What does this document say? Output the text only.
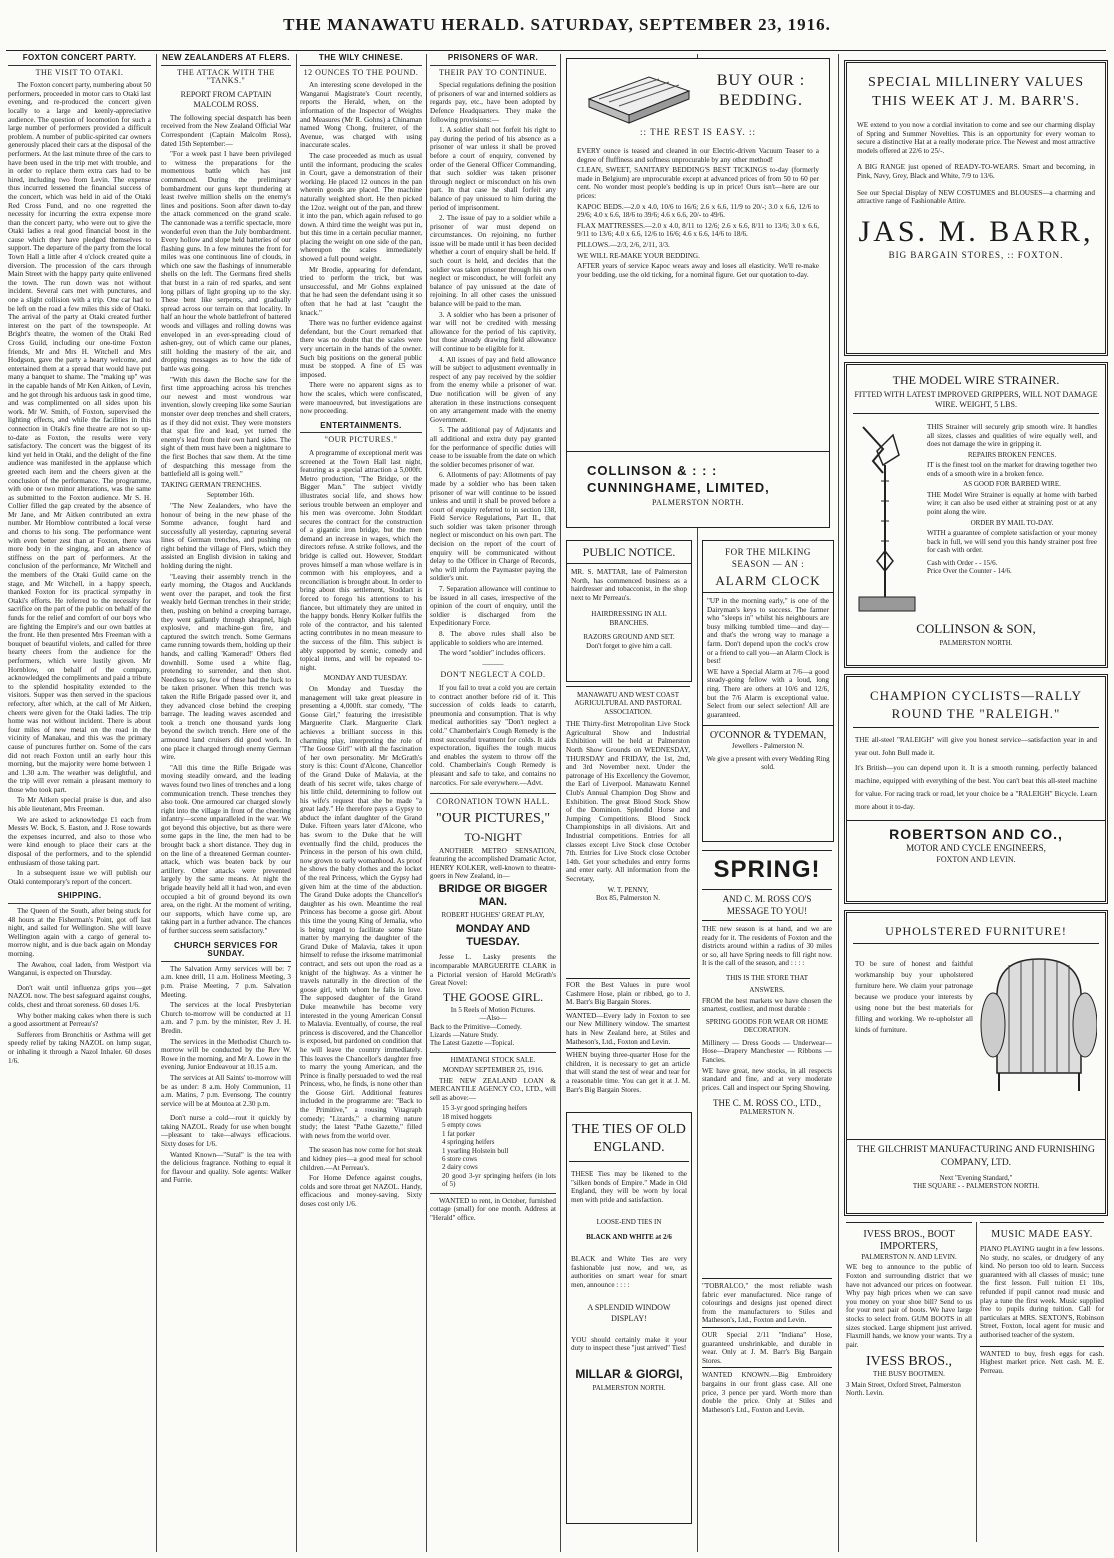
THE MANAWATU HERALD. SATURDAY, SEPTEMBER 23, 1916.
FOXTON CONCERT PARTY.
THE VISIT TO OTAKI.

The Foxton concert party, numbering about 50 performers, proceeded in motor cars to Otaki last evening, and re-produced the concert given locally to a large and keenly-appreciative audience. The question of locomotion for such a large number of performers provided a difficult problem. A number of public-spirited car owners generously placed their cars at the disposal of the performers. At the last minute three of the cars to have been used in the trip met with trouble, and in order to replace them extra cars had to be hired, including two from Levin. The expense thus incurred lessened the financial success of the concert, which was held in aid of the Otaki Red Cross Fund, and no one regretted the necessity for incurring the extra expense more than the concert party, who were out to give the Otaki ladies a real good financial boost in the cause which they have pledged themselves to support. The departure of the party from the local Town Hall a little after 4 o'clock created quite a diversion. The procession of the cars through Main Street with the happy party quite enlivened the town. The run down was not without incident. Several cars met with punctures, and one a slight collision with a trip. One car had to be left on the road a few miles this side of Otaki. The arrival of the party at Otaki created further interest on the part of the townspeople. At Bright's theatre, the women of the Otaki Red Cross Guild, including our one-time Foxton friends, Mr and Mrs H. Witchell and Mrs Hodgson, gave the party a hearty welcome, and entertained them at a spread that would have put many a banquet to shame. The "making up" was in the capable hands of Mr Ken Aitken, of Levin, and he got through his arduous task in good time, and was complimented on all sides upon his work. Mr W. Smith, of Foxton, supervised the lighting effects, and while the facilities in this connection in Otaki's fine theatre are not so up-to-date as Foxton, the results were very satisfactory. The concert was the biggest of its kind yet held in Otaki, and the delight of the fine audience was manifested in the applause which greeted each item and the cheers given at the conclusion of the performance. The programme, with one or two minor alterations, was the same as submitted to the Foxton audience. Mr S. H. Collier filled the gap created by the absence of Mr Jane, and Mr Aitken contributed an extra number. Mr Hornblow contributed a local verse and chorus to his song. The performance went with even better zest than at Foxton, there was more body in the singing, and an absence of stiffness on the part of performers. At the conclusion of the performance, Mr Witchell and the members of the Otaki Guild came on the stage, and Mr Witchell, in a happy speech, thanked Foxton for its practical sympathy in Otaki's efforts. He referred to the necessity for sacrifice on the part of the public on behalf of the funds for the relief and comfort of our boys who are fighting the Empire's and our own battles at the front. He then presented Mrs Freeman with a bouquet of beautiful violets, and called for three hearty cheers from the audience for the performers, which were lustily given. Mr Hornblow, on behalf of the company, acknowledged the compliments and paid a tribute to the splendid hospitality extended to the visitors. Supper was then served in the spacious refectory, after which, at the call of Mr Aitken, cheers were given for the Otaki ladies. The trip home was not without incident. There is about four miles of new metal on the road in the vicinity of Manakau, and this was the primary cause of punctures further on. Some of the cars did not reach Foxton until an early hour this morning, but the majority were home between 1 and 1.30 a.m. The weather was delightful, and the trip will ever remain a pleasant memory to those who took part.

To Mr Aitken special praise is due, and also his able lieutenant, Mrs Freeman.

We are asked to acknowledge £1 each from Messrs W. Bock, S. Easton, and J. Rose towards the expenses incurred, and also to those who were kind enough to place their cars at the disposal of the performers, and to the splendid enthusiasm of those taking part.

In a subsequent issue we will publish our Otaki contemporary's report of the concert.

SHIPPING.

The Queen of the South, after being stuck for 48 hours at the Fisherman's Point, got off last night, and sailed for Wellington. She will leave Wellington again with a cargo of general to-morrow night, and is due back again on Monday morning.

The Awahou, coal laden, from Westport via Wanganui, is expected on Thursday.

Don't wait until influenza grips you—get NAZOL now. The best safeguard against coughs, colds, chest and throat soreness. 60 doses 1/6.

Why bother making cakes when there is such a good assortment at Perreau's?

Sufferers from Bronchitis or Asthma will get speedy relief by taking NAZOL on lump sugar, or inhaling it through a Nazol Inhaler. 60 doses 1/6.

NEW ZEALANDERS AT FLERS.
THE ATTACK WITH THE "TANKS."
REPORT FROM CAPTAIN MALCOLM ROSS.

The following special despatch has been received from the New Zealand Official War Correspondent (Captain Malcolm Ross), dated 15th September:—

"For a week past I have been privileged to witness the preparations for the momentous battle which has just commenced. During the preliminary bombardment our guns kept thundering at least twelve million shells on the enemy's lines and positions. Soon after dawn to-day the attack commenced on the grand scale. The cannonade was a terrific spectacle, more wonderful even than the July bombardment. Every hollow and slope held batteries of our flashing guns. In a few minutes the front for miles was one continuous line of clouds, in which one saw the flashings of innumerable shells on the left. The Germans fired shells that burst in a rain of red sparks, and sent long pillars of light groping up to the sky. These bent like serpents, and gradually spread across our terrain on that locality. In half an hour the whole battlefront of battered woods and villages and rolling downs was enveloped in an ever-spreading cloud of ashen-grey, out of which came our planes, still holding the mastery of the air, and dropping messages as to how the tide of battle was going.

"With this dawn the Boche saw for the first time approaching across his trenches our newest and most wondrous war invention, slowly creeping like some Saurian monster over deep trenches and shell craters, as if they did not exist. They were monsters that spat fire and lead, yet turned the enemy's lead from their own hard sides. The sight of them must have been a nightmare to the first Boches that saw them. At the time of despatching this message from the battlefield all is going well."

TAKING GERMAN TRENCHES.

September 16th.

"The New Zealanders, who have the honour of being in the new phase of the Somme advance, fought hard and successfully all yesterday, capturing several lines of German trenches, and pushing on right behind the village of Flers, which they assisted an English division in taking and holding during the night.

"Leaving their assembly trench in the early morning, the Otagos and Aucklands went over the parapet, and took the first weakly held German trenches in their stride; then, pushing on behind a creeping barrage, they went gallantly through shrapnel, high explosive, and machine-gun fire, and captured the switch trench. Some Germans came running towards them, holding up their hands, and calling 'Kamerad!' Others fled downhill. Some used a white flag, pretending to surrender, and then shot. Needless to say, few of these had the luck to be taken prisoner. When this trench was taken the Rifle Brigade passed over it, and they advanced close behind the creeping barrage. The leading waves ascended and took a trench one thousand yards long beyond the switch trench. Here one of the armoured land cruisers did good work. In one place it charged through enemy German wire.

"All this time the Rifle Brigade was moving steadily onward, and the leading waves found two lines of trenches and a long communication trench. These trenches they also took. One armoured car charged slowly right into the village in front of the cheering infantry—scene unparalleled in the war. We got beyond this objective, but as there were some gaps in the line, the men had to be brought back a short distance. They dug in on the line of a threatened German counter-attack, which was beaten back by our artillery. Other attacks were prevented largely by the same means. At night the brigade heavily held all it had won, and even occupied a bit of ground beyond its own area, on the right. At the moment of writing, our supports, which have come up, are taking part in a further advance. The chances of further success seem satisfactory."

CHURCH SERVICES FOR SUNDAY.

The Salvation Army services will be: 7 a.m. knee drill, 11 a.m. Holiness Meeting, 3 p.m. Praise Meeting, 7 p.m. Salvation Meeting.

The services at the local Presbyterian Church to-morrow will be conducted at 11 a.m. and 7 p.m. by the minister, Rev J. H. Bredin.

The services in the Methodist Church to-morrow will be conducted by the Rev W. Rowe in the morning, and Mr A. Lowe in the evening. Junior Endeavour at 10.15 a.m.

The services at All Saints' to-morrow will be as under: 8 a.m. Holy Communion, 11 a.m. Matins, 7 p.m. Evensong. The country service will be at Moutoa at 2.30 p.m.

Don't nurse a cold—rout it quickly by taking NAZOL. Ready for use when bought—pleasant to take—always efficacious. Sixty doses for 1/6.

Wanted Known—"Sutal" is the tea with the delicious fragrance. Nothing to equal it for flavour and quality. Sole agents: Walker and Furrie.

THE WILY CHINESE.
12 OUNCES TO THE POUND.

An interesting scene developed in the Wanganui Magistrate's Court recently, reports the Herald, when, on the information of the Inspector of Weights and Measures (Mr R. Gohns) a Chinaman named Wong Chong, fruiterer, of the Avenue, was charged with using inaccurate scales.

The case proceeded as much as usual until the informant, producing the scales in Court, gave a demonstration of their working. He placed 12 ounces in the pan wherein goods are placed. The machine naturally weighted short. He then picked the 12oz. weight out of the pan, and threw it into the pan, which again refused to go down. A third time the weight was put in, but this time in a certain peculiar manner, placing the weight on one side of the pan, whereupon the scales immediately showed a full pound weight.

Mr Brodie, appearing for defendant, tried to perform the trick, but was unsuccessful, and Mr Gohns explained that he had seen the defendant using it so often that he had at last "caught the knack."

There was no further evidence against defendant, but the Court remarked that there was no doubt that the scales were very uncertain in the hands of the owner. Such big positions on the general public must be stopped. A fine of £5 was imposed.

There were no apparent signs as to how the scales, which were confiscated, were manoeuvred, but investigations are now proceeding.

ENTERTAINMENTS.
"OUR PICTURES."

A programme of exceptional merit was screened at the Town Hall last night, featuring as a special attraction a 5,000ft. Metro production, "The Bridge, or the Bigger Man." The subject vividly illustrates social life, and shows how serious trouble between an employer and his men was overcome. John Stoddart secures the contract for the construction of a gigantic iron bridge, but the men demand an increase in wages, which the directors refuse. A strike follows, and the bridge is called out. However, Stoddart proves himself a man whose welfare is in common with his employees, and a reconciliation is brought about. In order to bring about this settlement, Stoddart is forced to forego his attentions to his fiancee, but ultimately they are united in the happy bonds. Henry Kolker fulfils the role of the contractor, and his talented acting contributes in no mean measure to the success of the film. This subject is ably supported by scenic, comedy and topical items, and will be repeated to-night.

MONDAY AND TUESDAY.

On Monday and Tuesday the management will take great pleasure in presenting a 4,000ft. star comedy, "The Goose Girl," featuring the irresistible Marguerite Clark. Marguerite Clark achieves a brilliant success in this charming play, interpreting the role of "The Goose Girl" with all the fascination of her own personality. Mr McGrath's story is this: Count d'Alcone, Chancellor of the Grand Duke of Malavia, at the death of his secret wife, takes charge of his little child, determining to follow out his wife's request that she be made "a great lady." He therefore pays a Gypsy to abduct the infant daughter of the Grand Duke. Fifteen years later d'Alcone, who has sworn to the Duke that he will eventually find the child, produces the Princess in the person of his own child, now grown to early womanhood. As proof he shows the baby clothes and the locket of the real Princess, which the Gypsy had given him at the time of the abduction. The Grand Duke adopts the Chancellor's daughter as his own. Meantime the real Princess has become a goose girl. About this time the young King of Jemalia, who is being urged to facilitate some State matter by marrying the daughter of the Grand Duke of Malavia, takes it upon himself to refuse the irksome matrimonial contract, and sets out upon the road as a knight of the highway. As a vintner he travels naturally in the direction of the goose girl, with whom he falls in love. The supposed daughter of the Grand Duke meanwhile has become very interested in the young American Consul to Malavia. Eventually, of course, the real princess is discovered, and the Chancellor is exposed, but pardoned on condition that he will leave the country immediately. This leaves the Chancellor's daughter free to marry the young American, and the Prince is finally persuaded to wed the real Princess, who, he finds, is none other than the Goose Girl. Additional features included in the programme are: "Back to the Primitive," a rousing Vitagraph comedy; "Lizards," a charming nature study; the latest "Pathe Gazette," filled with news from the world over.

The season has now come for hot steak and kidney pies—a good meal for school children.—At Perreau's.

For Home Defence against coughs, colds and sore throat get NAZOL. Handy, efficacious and money-saving. Sixty doses cost only 1/6.

PRISONERS OF WAR.
THEIR PAY TO CONTINUE.

Special regulations defining the position of prisoners of war and interned soldiers as regards pay, etc., have been adopted by Defence Headquarters. They make the following provisions:—

1. A soldier shall not forfeit his right to pay during the period of his absence as a prisoner of war unless it shall be proved before a court of enquiry, convened by order of the General Officer Commanding, that such soldier was taken prisoner through neglect or misconduct on his own part. In that case he shall forfeit any balance of pay unissued to him during the period of imprisonment.

2. The issue of pay to a soldier while a prisoner of war must depend on circumstances. On rejoining, no further issue will be made until it has been decided whether a court of enquiry shall be held. If such court is held, and decides that the soldier was taken prisoner through his own neglect or misconduct, he will forfeit any balance of pay unissued at the date of rejoining. In all other cases the unissued balance will be paid to the man.

3. A soldier who has been a prisoner of war will not be credited with messing allowance for the period of his captivity, but those already drawing field allowance will continue to be eligible for it.

4. All issues of pay and field allowance will be subject to adjustment eventually in respect of any pay received by the soldier from the enemy while a prisoner of war. Due notification will be given of any alteration in these instructions consequent on any arrangement made with the enemy Government.

5. The additional pay of Adjutants and all additional and extra duty pay granted for the performance of specific duties will cease to be issuable from the date on which the soldier becomes prisoner of war.

6. Allotments of pay: Allotments of pay made by a soldier who has been taken prisoner of war will continue to be issued unless and until it shall be proved before a court of enquiry referred to in section 138, Field Service Regulations, Part II., that such soldier was taken prisoner through neglect or misconduct on his own part. The decision on the report of the court of enquiry will be communicated without delay to the Officer in Charge of Records, who will inform the Paymaster paying the soldier's unit.

7. Separation allowance will continue to be issued in all cases, irrespective of the opinion of the court of enquiry, until the soldier is discharged from the Expeditionary Force.

8. The above rules shall also be applicable to soldiers who are interned.

The word "soldier" includes officers.

———
DON'T NEGLECT A COLD.

If you fail to treat a cold you are certain to contract another before rid of it. This succession of colds leads to catarrh, pneumonia and consumption. That is why medical authorities say "Don't neglect a cold." Chamberlain's Cough Remedy is the most successful treatment for colds. It aids expectoration, liquifies the tough mucus and enables the system to throw off the cold. Chamberlain's Cough Remedy is pleasant and safe to take, and contains no narcotics. For sale everywhere.—Advt.

CORONATION TOWN HALL.
"OUR PICTURES,"
TO-NIGHT

ANOTHER METRO SENSATION, featuring the accomplished Dramatic Actor, HENRY KOLKER, well-known to theatre-goers in New Zealand, in—

BRIDGE OR BIGGER MAN.
ROBERT HUGHES' GREAT PLAY,
MONDAY AND TUESDAY.

Jesse L. Lasky presents the incomparable MARGUERITE CLARK in a Pictorial version of Harold McGrath's Great Novel:

THE GOOSE GIRL.
In 5 Reels of Motion Pictures.
—Also—
Back to the Primitive—Comedy.
Lizards —Nature Study.
The Latest Gazette —Topical.
HIMATANGI STOCK SALE.
MONDAY SEPTEMBER 25, 1916.

THE NEW ZEALAND LOAN & MERCANTILE AGENCY CO., LTD., will sell as above:—

15 3-yr good springing heifers
18 mixed hoggets
5 empty cows
1 fat porker
4 springing heifers
1 yearling Holstein bull
6 store cows
2 dairy cows
20 good 3-yr springing heifers (in lots of 5)

WANTED to rent, in October, furnished cottage (small) for one month. Address at "Herald" office.

BUY OUR : BEDDING.
:: THE REST IS EASY. ::

EVERY ounce is teased and cleaned in our Electric-driven Vacuum Teaser to a degree of fluffiness and softness unprocurable by any other method!

CLEAN, SWEET, SANITARY BEDDING'S BEST TICKINGS to-day (formerly made in Belgium) are unprocurable except at advanced prices of from 50 to 60 per cent. No wonder most people's bedding is up in price! Ours isn't—here are our prices:

KAPOC BEDS.—2.0 x 4.0, 10/6 to 16/6; 2.6 x 6.6, 11/9 to 20/-; 3.0 x 6.6, 12/6 to 29/6; 4.0 x 6.6, 18/6 to 39/6; 4.6 x 6.6, 20/- to 49/6.

FLAX MATTRESSES.—2.0 x 4.0, 8/11 to 12/6; 2.6 x 6.6, 8/11 to 13/6; 3.0 x 6.6, 9/11 to 13/6; 4.0 x 6.6, 12/6 to 16/6; 4.6 x 6.6, 14/6 to 18/6.

PILLOWS.—2/3, 2/6, 2/11, 3/3.

WE WILL RE-MAKE YOUR BEDDING.

AFTER years of service Kapoc wears away and loses all elasticity. We'll re-make your bedding, use the old ticking, for a nominal figure. Get our quotation to-day.

COLLINSON & : : :
CUNNINGHAME, LIMITED,
PALMERSTON NORTH.
PUBLIC NOTICE.

MR. S. MATTAR, late of Palmerston North, has commenced business as a hairdresser and tobacconist, in the shop next to Mr Perreau's.

HAIRDRESSING IN ALL BRANCHES.
RAZORS GROUND AND SET.
Don't forget to give him a call.
MANAWATU AND WEST COAST AGRICULTURAL AND PASTORAL ASSOCIATION.

THE Thirty-first Metropolitan Live Stock Agricultural Show and Industrial Exhibition will be held at Palmerston North Show Grounds on WEDNESDAY, THURSDAY and FRIDAY, the 1st, 2nd, and 3rd November next. Under the patronage of His Excellency the Governor, the Earl of Liverpool. Manawatu Kennel Club's Annual Champion Dog Show and Exhibition. The great Blood Stock Show of the Dominion. Splendid Horse and Jumping Competitions. Blood Stock Championships in all divisions. Art and Industrial competitions. Entries for all classes except Live Stock close October 7th. Entries for Live Stock close October 14th. Get your schedules and entry forms and enter early. All information from the Secretary,

W. T. PENNY,
Box 85, Palmerston N.

FOR the Best Values in pure wool Cashmere Hose, plain or ribbed, go to J. M. Barr's Big Bargain Stores.

WANTED—Every lady in Foxton to see our New Millinery window. The smartest hats in New Zealand here, at Stiles and Matheson's, Ltd., Foxton and Levin.

WHEN buying three-quarter Hose for the children, it is necessary to get an article that will stand the test of wear and tear for a reasonable time. You can get it at J. M. Barr's Big Bargain Stores.

THE TIES OF OLD ENGLAND.

THESE Ties may be likened to the "silken bonds of Empire." Made in Old England, they will be worn by local men with pride and satisfaction.

LOOSE-END TIES IN
BLACK AND WHITE at 2/6

BLACK and White Ties are very fashionable just now, and we, as authorities on smart wear for smart men, announce : : : :

A SPLENDID WINDOW DISPLAY!

YOU should certainly make it your duty to inspect these "just arrived" Ties!

MILLAR & GIORGI,
PALMERSTON NORTH.
FOR THE MILKING
SEASON — AN :
ALARM CLOCK

"UP in the morning early," is one of the Dairyman's keys to success. The farmer who "sleeps in" whilst his neighbours are busy milking tumbled time—and day—and that's the wrong way to manage a farm. Don't depend upon the cock's crow or a friend to call you—an Alarm Clock is best!

WE have a Special Alarm at 7/6—a good steady-going fellow with a loud, long ring. There are others at 10/6 and 12/6, but the 7/6 Alarm is exceptional value. Select from our select selection! All are guaranteed.

O'CONNOR & TYDEMAN,
Jewellers - Palmerston N.
We give a present with every Wedding Ring sold.
SPRING!
AND C. M. ROSS CO'S MESSAGE TO YOU!

THE new season is at hand, and we are ready for it. The residents of Foxton and the districts around within a radius of 30 miles or so, all have Spring needs to fill right now. It is the call of the season, and : : : :

THIS IS THE STORE THAT
ANSWERS.

FROM the best markets we have chosen the smartest, costliest, and most durable :

SPRING GOODS FOR WEAR OR HOME DECORATION.

Millinery — Dress Goods — Underwear—Hose—Drapery Manchester — Ribbons — Fancies.

WE have great, new stocks, in all respects standard and fine, and at very moderate prices. Call and inspect our Spring Showing.

THE C. M. ROSS CO., LTD.,
PALMERSTON N.

"TOBRALCO," the most reliable wash fabric ever manufactured. Nice range of colourings and designs just opened direct from the manufacturers to Stiles and Matheson's, Ltd., Foxton and Levin.

OUR Special 2/11 "Indiana" Hose, guaranteed unshrinkable, and durable in wear. Only at J. M. Barr's Big Bargain Stores.

WANTED KNOWN.—Big Embroidery bargains in our front glass case. All one price, 3 pence per yard. Worth more than double the price. Only at Stiles and Matheson's Ltd., Foxton and Levin.

SPECIAL MILLINERY VALUES THIS WEEK AT J. M. BARR'S.

WE extend to you now a cordial invitation to come and see our charming display of Spring and Summer Novelties. This is an opportunity for every woman to secure a distinctive Hat at a really moderate price. The Newest and most attractive models offered at 22/6 to 25/-.

A BIG RANGE just opened of READY-TO-WEARS. Smart and becoming, in Pink, Navy, Grey, Black and White, 7/9 to 13/6.

See our Special Display of NEW COSTUMES and BLOUSES—a charming and attractive range of Fashionable Attire.

JAS. M. BARR,
BIG BARGAIN STORES, :: FOXTON.
THE MODEL WIRE STRAINER.
FITTED WITH LATEST IMPROVED GRIPPERS, WILL NOT DAMAGE WIRE. WEIGHT, 5 LBS.

THIS Strainer will securely grip smooth wire. It handles all sizes, classes and qualities of wire equally well, and does not damage the wire in gripping it.

REPAIRS BROKEN FENCES.

IT is the finest tool on the market for drawing together two ends of a smooth wire in a broken fence.

AS GOOD FOR BARBED WIRE.

THE Model Wire Strainer is equally at home with barbed wire; it can also be used either at straining post or at any point along the wire.

ORDER BY MAIL TO-DAY.

WITH a guarantee of complete satisfaction or your money back in full, we will send you this handy strainer post free for cash with order.

Cash with Order - - 15/6.
Price Over the Counter - 14/6.
COLLINSON & SON,
PALMERSTON NORTH.
CHAMPION CYCLISTS—RALLY ROUND THE "RALEIGH."

THE all-steel "RALEIGH" will give you honest service—satisfaction year in and year out. John Bull made it.

It's British—you can depend upon it. It is a smooth running, perfectly balanced machine, equipped with everything of the best. You can't beat this all-steel machine for value. For racing track or road, let your choice be a "RALEIGH" Bicycle. Learn more about it to-day.

ROBERTSON AND CO.,
MOTOR AND CYCLE ENGINEERS,
FOXTON AND LEVIN.
UPHOLSTERED FURNITURE!

TO be sure of honest and faithful workmanship buy your upholstered furniture here. We claim your patronage because we produce your interests by using none but the best materials for filling and working. We re-upholster all kinds of furniture.

THE GILCHRIST MANUFACTURING AND FURNISHING COMPANY, LTD.
Next "Evening Standard,"
THE SQUARE - - PALMERSTON NORTH.
IVESS BROS., BOOT IMPORTERS,
PALMERSTON N. AND LEVIN.

WE beg to announce to the public of Foxton and surrounding district that we have not advanced our prices on footwear. Why pay high prices when we can save you money on your shoe bill? Send to us for your next pair of boots. We have large stocks to select from. GUM BOOTS in all sizes stocked. Large shipment just arrived. Flaxmill hands, we know your wants. Try a pair.

IVESS BROS.,
THE BUSY BOOTMEN.
3 Main Street, Oxford Street, Palmerston North. Levin.
MUSIC MADE EASY.

PIANO PLAYING taught in a few lessons. No study, no scales, or drudgery of any kind. No person too old to learn. Success guaranteed with all classes of music; tune the first lesson. Full tuition £1 10s, refunded if pupil cannot read music and play a tune the first week. Music supplied free to pupils during tuition. Call for particulars at MRS. SEXTON'S, Robinson Street, Foxton, local agent for music and authorised teacher of the system.

WANTED to buy, fresh eggs for cash. Highest market price. Nett cash. M. E. Perreau.
